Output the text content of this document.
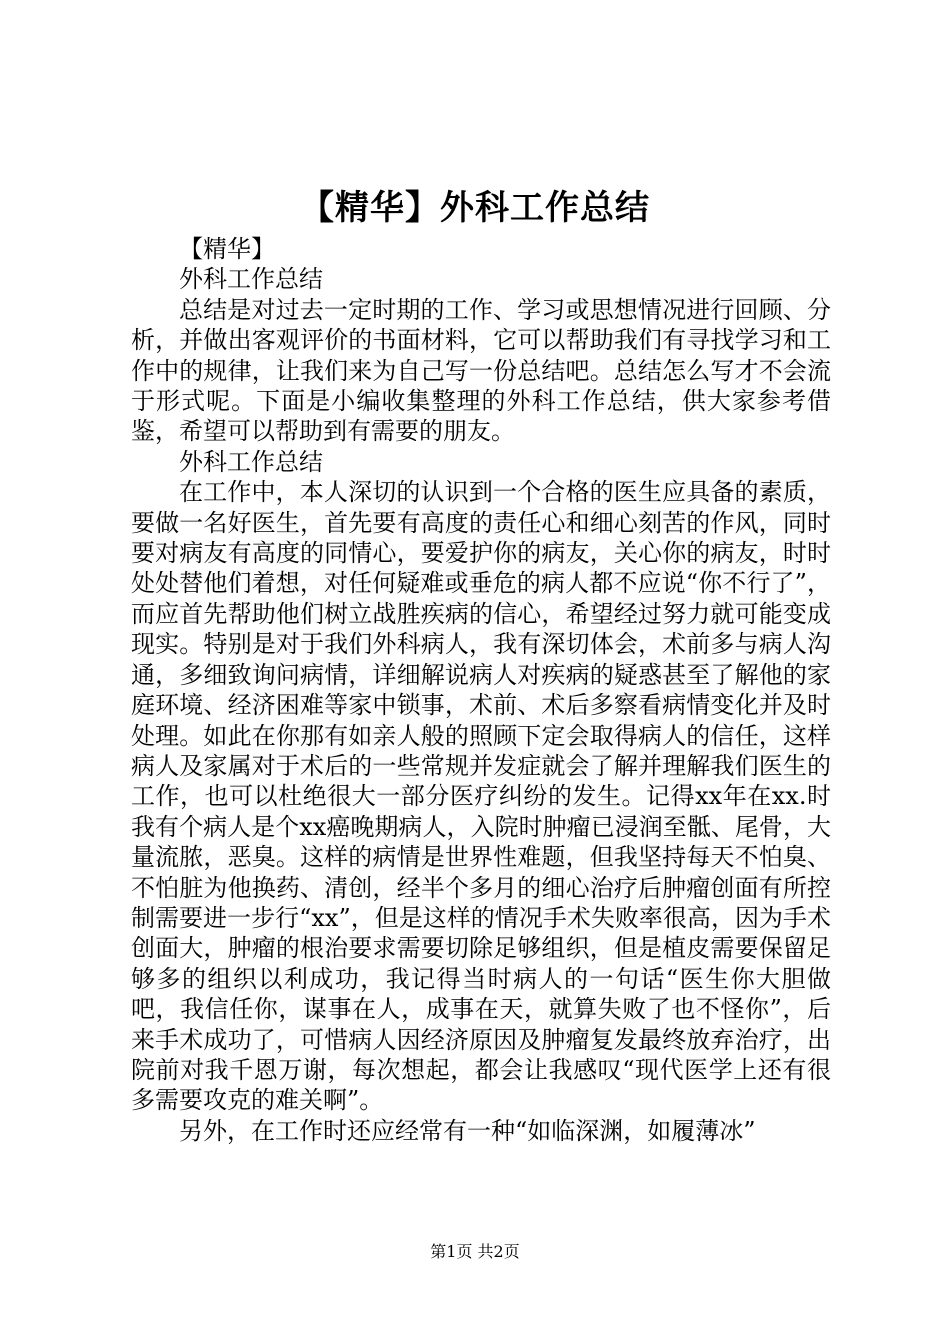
【精华】外科工作总结

【精华】

外科工作总结

总结是对过去一定时期的工作、学习或思想情况进行回顾、分析，并做出客观评价的书面材料，它可以帮助我们有寻找学习和工作中的规律，让我们来为自己写一份总结吧。总结怎么写才不会流于形式呢。下面是小编收集整理的外科工作总结，供大家参考借鉴，希望可以帮助到有需要的朋友。

外科工作总结

在工作中，本人深切的认识到一个合格的医生应具备的素质，要做一名好医生，首先要有高度的责任心和细心刻苦的作风，同时要对病友有高度的同情心，要爱护你的病友，关心你的病友，时时处处替他们着想，对任何疑难或垂危的病人都不应说“你不行了”，而应首先帮助他们树立战胜疾病的信心，希望经过努力就可能变成现实。特别是对于我们外科病人，我有深切体会，术前多与病人沟通，多细致询问病情，详细解说病人对疾病的疑惑甚至了解他的家庭环境、经济困难等家中锁事，术前、术后多察看病情变化并及时处理。如此在你那有如亲人般的照顾下定会取得病人的信任，这样病人及家属对于术后的一些常规并发症就会了解并理解我们医生的工作，也可以杜绝很大一部分医疗纠纷的发生。记得xx年在xx.时我有个病人是个xx癌晚期病人，入院时肿瘤已浸润至骶、尾骨，大量流脓，恶臭。这样的病情是世界性难题，但我坚持每天不怕臭、不怕脏为他换药、清创，经半个多月的细心治疗后肿瘤创面有所控制需要进一步行“xx”，但是这样的情况手术失败率很高，因为手术创面大，肿瘤的根治要求需要切除足够组织，但是植皮需要保留足够多的组织以利成功，我记得当时病人的一句话“医生你大胆做吧，我信任你，谋事在人，成事在天，就算失败了也不怪你”，后来手术成功了，可惜病人因经济原因及肿瘤复发最终放弃治疗，出院前对我千恩万谢，每次想起，都会让我感叹“现代医学上还有很多需要攻克的难关啊”。

另外，在工作时还应经常有一种“如临深渊，如履薄冰”

第1页 共2页
